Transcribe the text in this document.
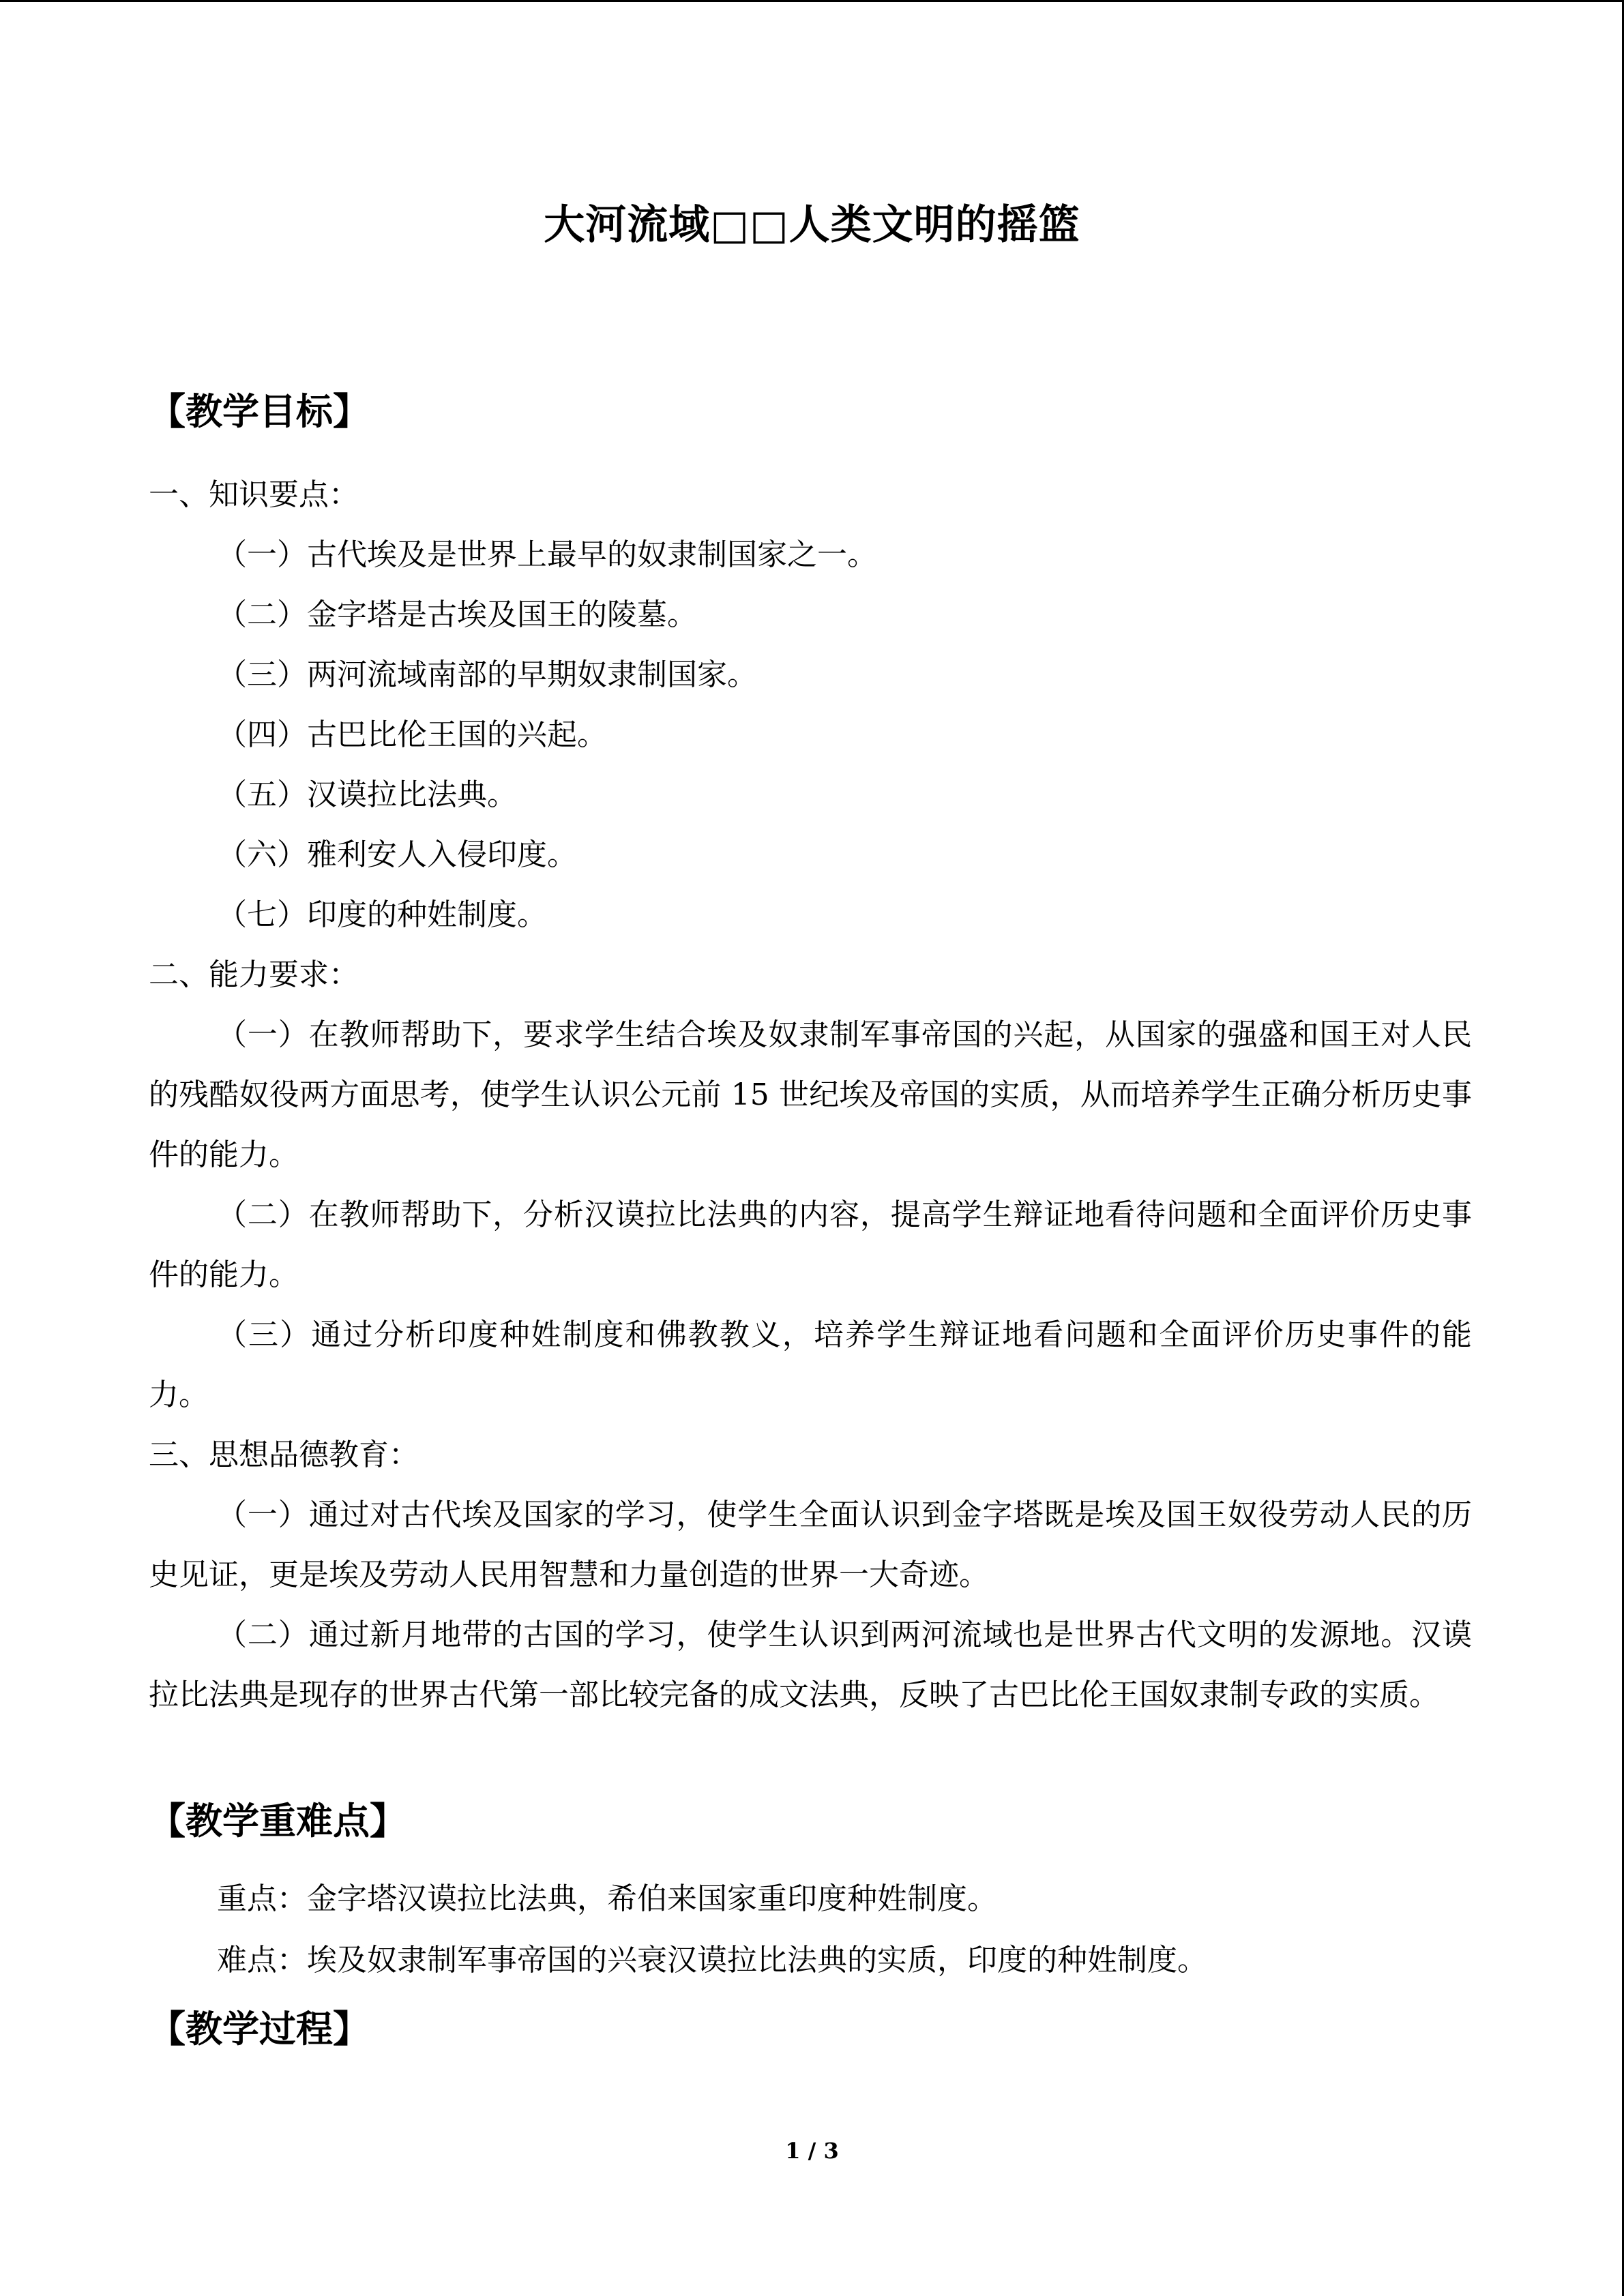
大河流域□□人类文明的摇篮
【教学目标】
一、知识要点：
（一）古代埃及是世界上最早的奴隶制国家之一。
（二）金字塔是古埃及国王的陵墓。
（三）两河流域南部的早期奴隶制国家。
（四）古巴比伦王国的兴起。
（五）汉谟拉比法典。
（六）雅利安人入侵印度。
（七）印度的种姓制度。
二、能力要求：
（一）在教师帮助下，要求学生结合埃及奴隶制军事帝国的兴起，从国家的强盛和国王对人民的残酷奴役两方面思考，使学生认识公元前 15 世纪埃及帝国的实质，从而培养学生正确分析历史事件的能力。
（二）在教师帮助下，分析汉谟拉比法典的内容，提高学生辩证地看待问题和全面评价历史事件的能力。
（三）通过分析印度种姓制度和佛教教义，培养学生辩证地看问题和全面评价历史事件的能力。
三、思想品德教育：
（一）通过对古代埃及国家的学习，使学生全面认识到金字塔既是埃及国王奴役劳动人民的历史见证，更是埃及劳动人民用智慧和力量创造的世界一大奇迹。
（二）通过新月地带的古国的学习，使学生认识到两河流域也是世界古代文明的发源地。汉谟拉比法典是现存的世界古代第一部比较完备的成文法典，反映了古巴比伦王国奴隶制专政的实质。
【教学重难点】
重点：金字塔汉谟拉比法典，希伯来国家重印度种姓制度。
难点：埃及奴隶制军事帝国的兴衰汉谟拉比法典的实质，印度的种姓制度。
【教学过程】
1 / 3
